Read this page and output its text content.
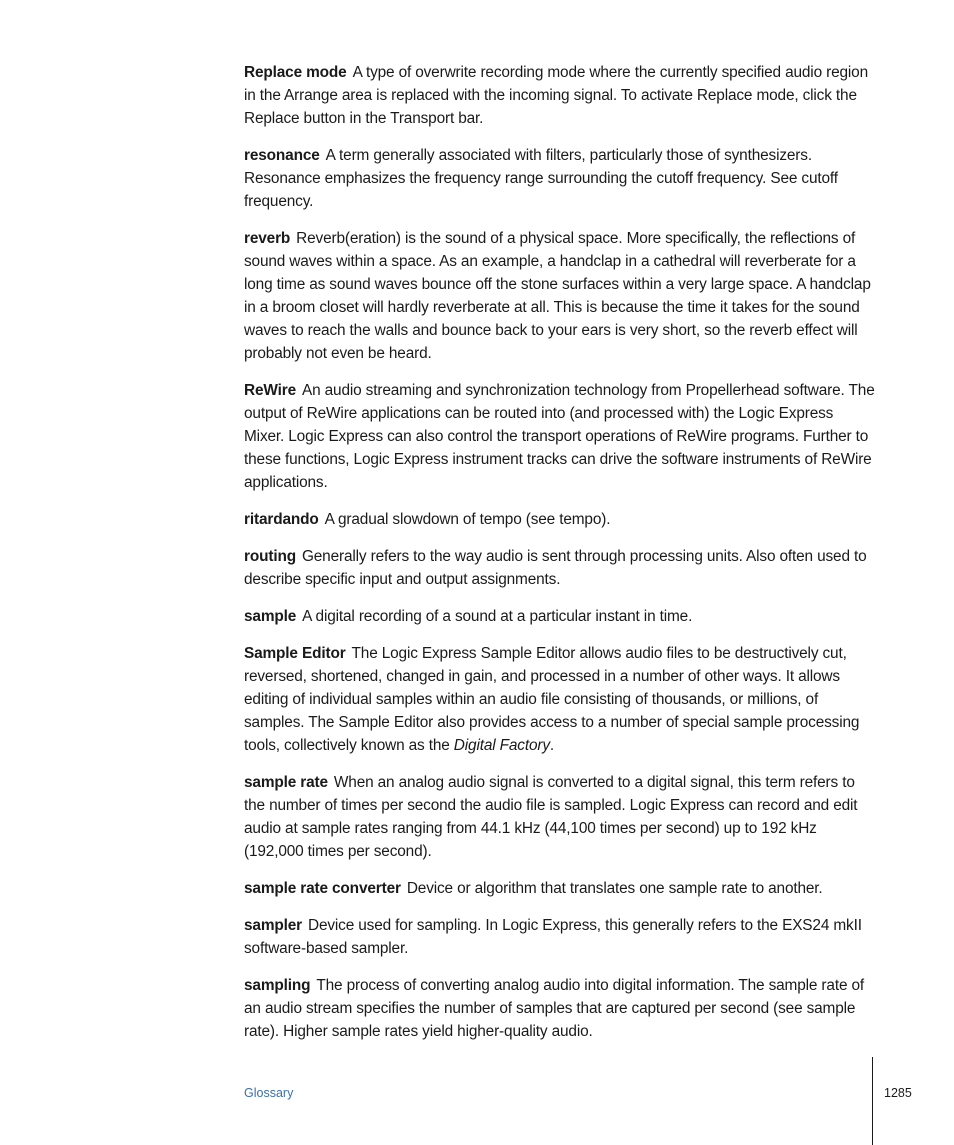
Replace mode A type of overwrite recording mode where the currently specified audio region in the Arrange area is replaced with the incoming signal. To activate Replace mode, click the Replace button in the Transport bar.

resonance A term generally associated with filters, particularly those of synthesizers. Resonance emphasizes the frequency range surrounding the cutoff frequency. See cutoff frequency.

reverb Reverb(eration) is the sound of a physical space. More specifically, the reflections of sound waves within a space. As an example, a handclap in a cathedral will reverberate for a long time as sound waves bounce off the stone surfaces within a very large space. A handclap in a broom closet will hardly reverberate at all. This is because the time it takes for the sound waves to reach the walls and bounce back to your ears is very short, so the reverb effect will probably not even be heard.

ReWire An audio streaming and synchronization technology from Propellerhead software. The output of ReWire applications can be routed into (and processed with) the Logic Express Mixer. Logic Express can also control the transport operations of ReWire programs. Further to these functions, Logic Express instrument tracks can drive the software instruments of ReWire applications.

ritardando A gradual slowdown of tempo (see tempo).

routing Generally refers to the way audio is sent through processing units. Also often used to describe specific input and output assignments.

sample A digital recording of a sound at a particular instant in time.

Sample Editor The Logic Express Sample Editor allows audio files to be destructively cut, reversed, shortened, changed in gain, and processed in a number of other ways. It allows editing of individual samples within an audio file consisting of thousands, or millions, of samples. The Sample Editor also provides access to a number of special sample processing tools, collectively known as the Digital Factory.

sample rate When an analog audio signal is converted to a digital signal, this term refers to the number of times per second the audio file is sampled. Logic Express can record and edit audio at sample rates ranging from 44.1 kHz (44,100 times per second) up to 192 kHz (192,000 times per second).

sample rate converter Device or algorithm that translates one sample rate to another.

sampler Device used for sampling. In Logic Express, this generally refers to the EXS24 mkII software-based sampler.

sampling The process of converting analog audio into digital information. The sample rate of an audio stream specifies the number of samples that are captured per second (see sample rate). Higher sample rates yield higher-quality audio.

Glossary	1285
